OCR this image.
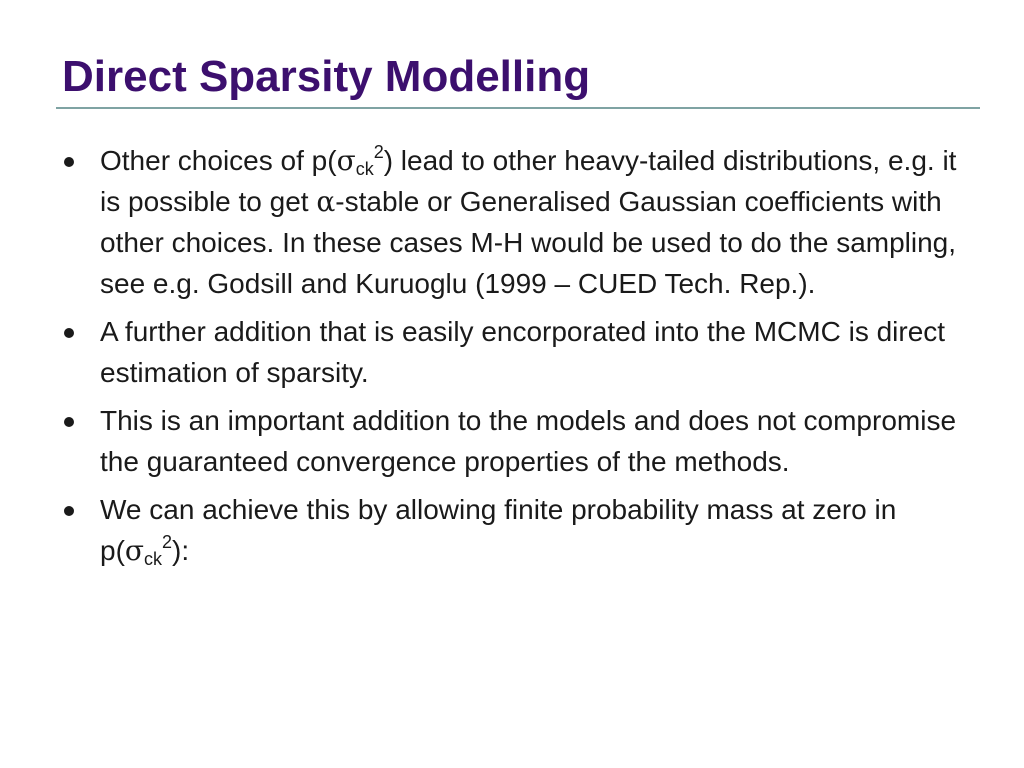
Direct Sparsity Modelling
Other choices of $p(\sigma_{ck}^2)$ lead to other heavy-tailed distributions, e.g. it is possible to get α-stable or Generalised Gaussian coefficients with other choices. In these cases M-H would be used to do the sampling, see e.g. Godsill and Kuruoglu (1999 – CUED Tech. Rep.).
A further addition that is easily encorporated into the MCMC is direct estimation of sparsity.
This is an important addition to the models and does not compromise the guaranteed convergence properties of the methods.
We can achieve this by allowing finite probability mass at zero in $p(\sigma_{ck}^2)$:
